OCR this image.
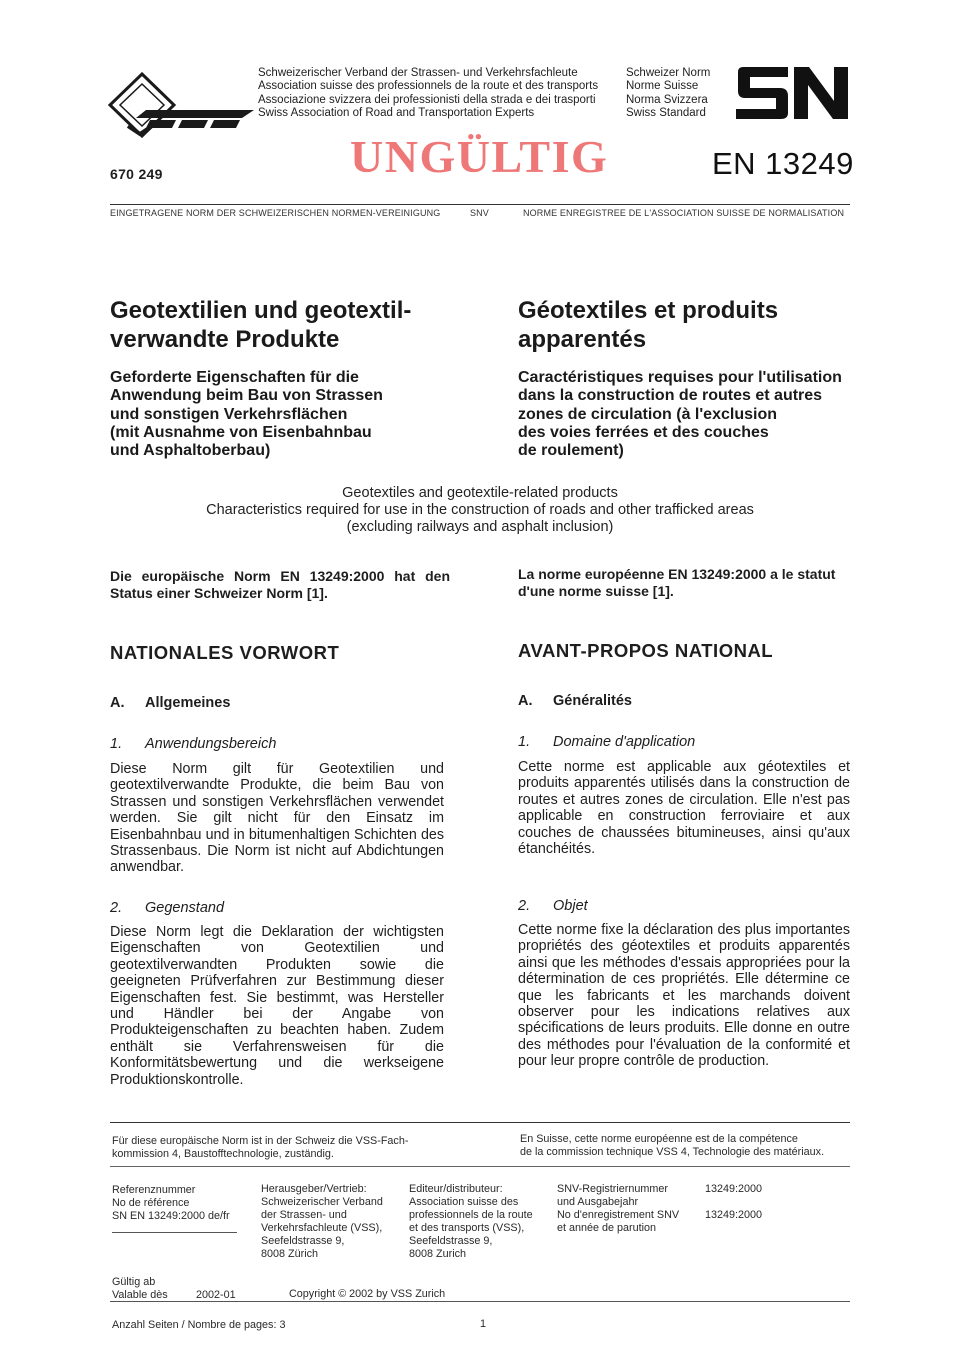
Schweizerischer Verband der Strassen- und Verkehrsfachleute
Association suisse des professionnels de la route et des transports
Associazione svizzera dei professionisti della strada e dei trasporti
Swiss Association of Road and Transportation Experts
Schweizer Norm
Norme Suisse
Norma Svizzera
Swiss Standard
670 249	UNGÜLTIG	EN 13249
EINGETRAGENE NORM DER SCHWEIZERISCHEN NORMEN-VEREINIGUNG	SNV	NORME ENREGISTREE DE L'ASSOCIATION SUISSE DE NORMALISATION
Geotextilien und geotextil-
verwandte Produkte
Géotextiles et produits
apparentés
Geforderte Eigenschaften für die
Anwendung beim Bau von Strassen
und sonstigen Verkehrsflächen
(mit Ausnahme von Eisenbahnbau
und Asphaltoberbau)
Caractéristiques requises pour l'utilisation
dans la construction de routes et autres
zones de circulation (à l'exclusion
des voies ferrées et des couches
de roulement)
Geotextiles and geotextile-related products
Characteristics required for use in the construction of roads and other trafficked areas
(excluding railways and asphalt inclusion)
Die europäische Norm EN 13249:2000 hat den
Status einer Schweizer Norm [1].
La norme européenne EN 13249:2000 a le statut
d'une norme suisse [1].
NATIONALES VORWORT	AVANT-PROPOS NATIONAL
A. Allgemeines	A. Généralités
1. Anwendungsbereich	1. Domaine d'application
Diese Norm gilt für Geotextilien und geotextilverwandte Produkte, die beim Bau von Strassen und sonstigen Verkehrsflächen verwendet werden. Sie gilt nicht für den Einsatz im Eisenbahnbau und in bitumenhaltigen Schichten des Strassenbaus. Die Norm ist nicht auf Abdichtungen anwendbar.
Cette norme est applicable aux géotextiles et produits apparentés utilisés dans la construction de routes et autres zones de circulation. Elle n'est pas applicable en construction ferroviaire et aux couches de chaussées bitumineuses, ainsi qu'aux étanchéités.
2. Gegenstand	2. Objet
Diese Norm legt die Deklaration der wichtigsten Eigenschaften von Geotextilien und geotextilverwandten Produkten sowie die geeigneten Prüfverfahren zur Bestimmung dieser Eigenschaften fest. Sie bestimmt, was Hersteller und Händler bei der Angabe von Produkteigenschaften zu beachten haben. Zudem enthält sie Verfahrensweisen für die Konformitätsbewertung und die werkseigene Produktionskontrolle.
Cette norme fixe la déclaration des plus importantes propriétés des géotextiles et produits apparentés ainsi que les méthodes d'essais appropriées pour la détermination de ces propriétés. Elle détermine ce que les fabricants et les marchands doivent observer pour les indications relatives aux spécifications de leurs produits. Elle donne en outre des méthodes pour l'évaluation de la conformité et pour leur propre contrôle de production.
Für diese europäische Norm ist in der Schweiz die VSS-Fach-
kommission 4, Baustofftechnologie, zuständig.
En Suisse, cette norme européenne est de la compétence
de la commission technique VSS 4, Technologie des matériaux.
Referenznummer
No de référence
SN EN 13249:2000 de/fr
Herausgeber/Vertrieb:
Schweizerischer Verband
der Strassen- und
Verkehrsfachleute (VSS),
Seefeldstrasse 9,
8008 Zürich
Editeur/distributeur:
Association suisse des
professionnels de la route
et des transports (VSS),
Seefeldstrasse 9,
8008 Zurich
SNV-Registriernummer
und Ausgabejahr
No d'enregistrement SNV
et année de parution
13249:2000
13249:2000
Gültig ab
Valable dès	2002-01	Copyright © 2002 by VSS Zurich
Anzahl Seiten / Nombre de pages: 3	1
